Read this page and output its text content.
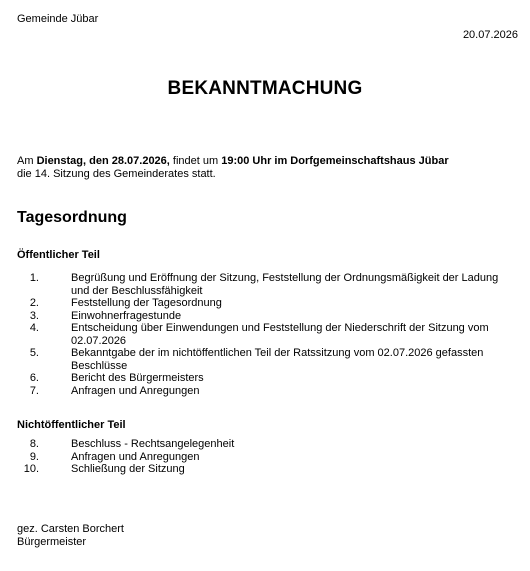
Gemeinde Jübar
20.07.2026
BEKANNTMACHUNG
Am Dienstag, den 28.07.2026, findet um 19:00 Uhr im Dorfgemeinschaftshaus Jübar
die 14. Sitzung des Gemeinderates statt.
Tagesordnung
Öffentlicher Teil
1.	Begrüßung und Eröffnung der Sitzung, Feststellung der Ordnungsmäßigkeit der Ladung und der Beschlussfähigkeit
2.	Feststellung der Tagesordnung
3.	Einwohnerfragestunde
4.	Entscheidung über Einwendungen und Feststellung der Niederschrift der Sitzung vom 02.07.2026
5.	Bekanntgabe der im nichtöffentlichen Teil der Ratssitzung vom 02.07.2026 gefassten Beschlüsse
6.	Bericht des Bürgermeisters
7.	Anfragen und Anregungen
Nichtöffentlicher Teil
8.	Beschluss - Rechtsangelegenheit
9.	Anfragen und Anregungen
10.	Schließung der Sitzung
gez. Carsten Borchert
Bürgermeister
